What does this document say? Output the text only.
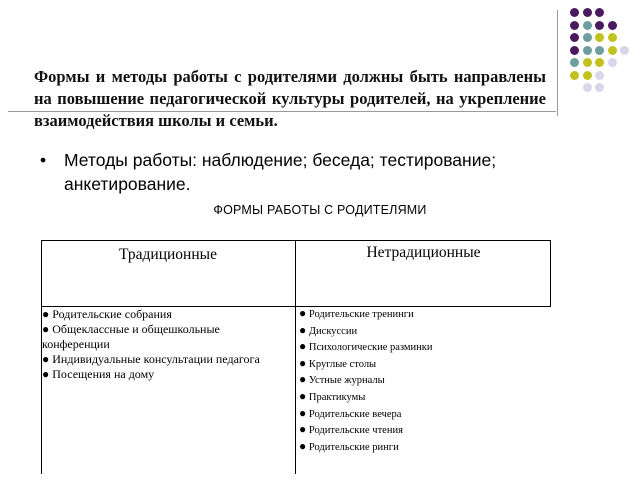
Формы и методы работы с родителями должны быть направлены на повышение педагогической культуры родителей, на укрепление взаимодействия школы и семьи.
• Методы работы: наблюдение; беседа; тестирование; анкетирование.
ФОРМЫ РАБОТЫ С РОДИТЕЛЯМИ
Традиционные	Нетрадиционные
● Родительские собрания
● Общеклассные и общешкольные конференции
● Индивидуальные консультации педагога
● Посещения на дому
● Родительские тренинги
● Дискуссии
● Психологические разминки
● Круглые столы
● Устные журналы
● Практикумы
● Родительские вечера
● Родительские чтения
● Родительские ринги
